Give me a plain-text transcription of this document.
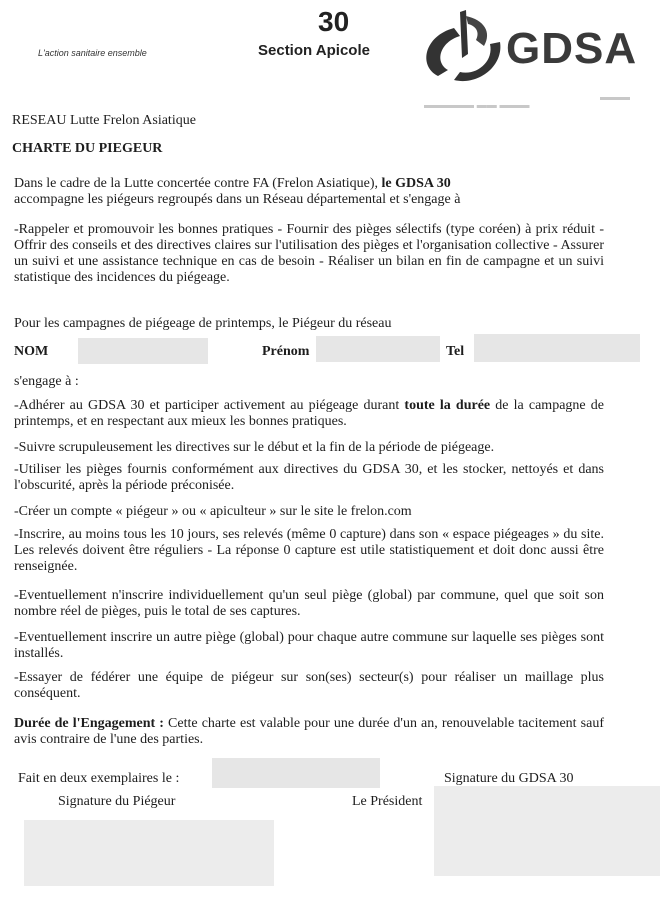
L'action sanitaire ensemble
30
Section Apicole	GDSA
▬▬▬▬▬ ▬▬ ▬▬▬
▬▬▬
RESEAU Lutte Frelon Asiatique
CHARTE DU PIEGEUR
Dans le cadre de la Lutte concertée contre FA (Frelon Asiatique), le GDSA 30 accompagne les piégeurs regroupés dans un Réseau départemental et s'engage à
-Rappeler et promouvoir les bonnes pratiques - Fournir des pièges sélectifs (type coréen) à prix réduit - Offrir des conseils et des directives claires sur l'utilisation des pièges et l'organisation collective - Assurer un suivi et une assistance technique en cas de besoin - Réaliser un bilan en fin de campagne et un suivi statistique des incidences du piégeage.
Pour les campagnes de piégeage de printemps, le Piégeur du réseau
NOM	Prénom	Tel
s'engage à :
-Adhérer au GDSA 30 et participer activement au piégeage durant toute la durée de la campagne de printemps, et en respectant aux mieux les bonnes pratiques.
-Suivre scrupuleusement les directives sur le début et la fin de la période de piégeage.
-Utiliser les pièges fournis conformément aux directives du GDSA 30, et les stocker, nettoyés et dans l'obscurité, après la période préconisée.
-Créer un compte « piégeur » ou « apiculteur » sur le site le frelon.com
-Inscrire, au moins tous les 10 jours, ses relevés (même 0 capture) dans son « espace piégeages » du site. Les relevés doivent être réguliers - La réponse 0 capture est utile statistiquement et doit donc aussi être renseignée.
-Eventuellement n'inscrire individuellement qu'un seul piège (global) par commune, quel que soit son nombre réel de pièges, puis le total de ses captures.
-Eventuellement inscrire un autre piège (global) pour chaque autre commune sur laquelle ses pièges sont installés.
-Essayer de fédérer une équipe de piégeur sur son(ses) secteur(s) pour réaliser un maillage plus conséquent.
Durée de l'Engagement : Cette charte est valable pour une durée d'un an, renouvelable tacitement sauf avis contraire de l'une des parties.
Fait en deux exemplaires le :	Signature du GDSA 30
Signature du Piégeur	Le Président
